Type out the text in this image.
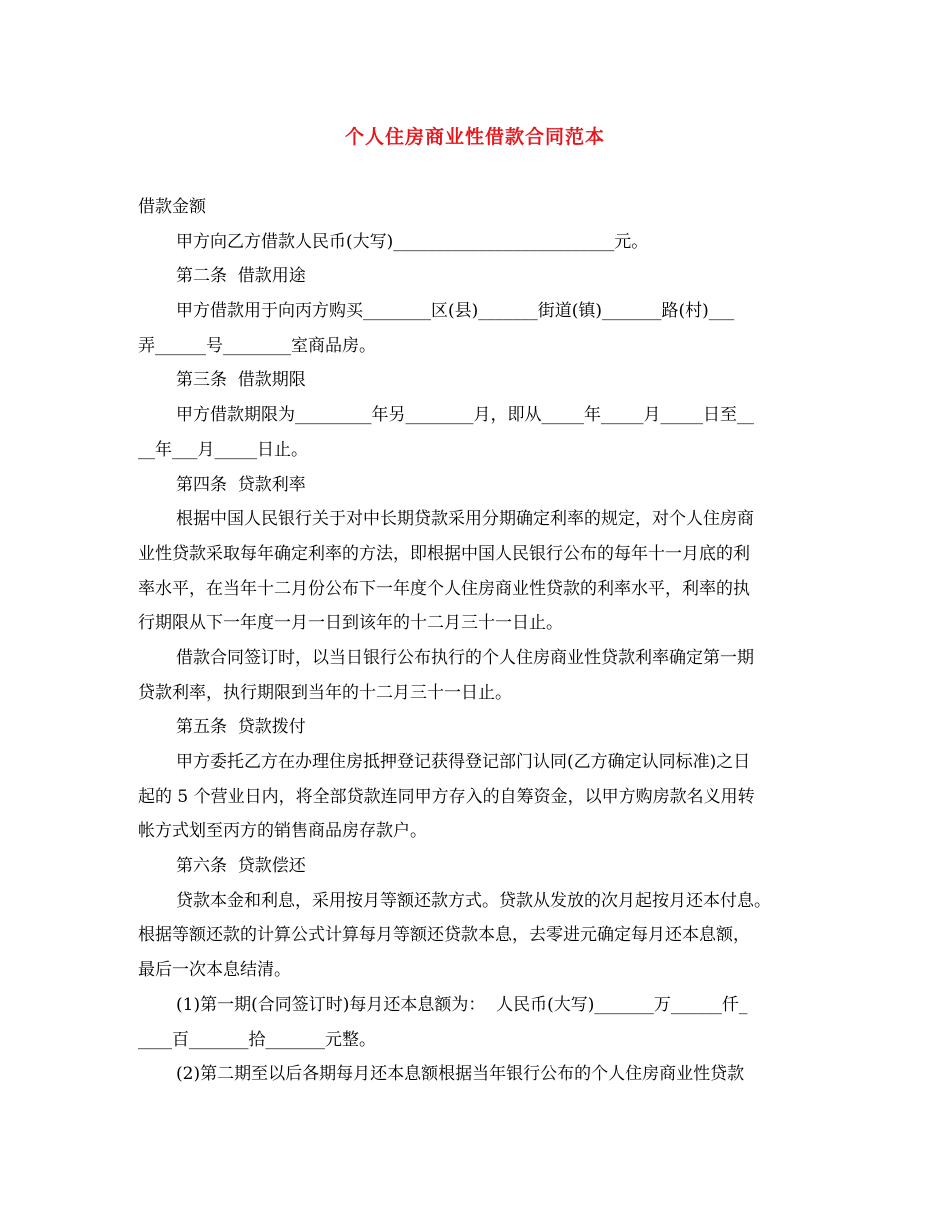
个人住房商业性借款合同范本
借款金额
甲方向乙方借款人民币(大写)__________________________元。
第二条  借款用途
甲方借款用于向丙方购买________区(县)_______街道(镇)_______路(村)___
弄______号________室商品房。
第三条  借款期限
甲方借款期限为_________年另________月，即从_____年_____月_____日至__
__年___月_____日止。
第四条  贷款利率
根据中国人民银行关于对中长期贷款采用分期确定利率的规定，对个人住房商
业性贷款采取每年确定利率的方法，即根据中国人民银行公布的每年十一月底的利
率水平，在当年十二月份公布下一年度个人住房商业性贷款的利率水平，利率的执
行期限从下一年度一月一日到该年的十二月三十一日止。
借款合同签订时，以当日银行公布执行的个人住房商业性贷款利率确定第一期
贷款利率，执行期限到当年的十二月三十一日止。
第五条  贷款拨付
甲方委托乙方在办理住房抵押登记获得登记部门认同(乙方确定认同标准)之日
起的 5 个营业日内，将全部贷款连同甲方存入的自筹资金，以甲方购房款名义用转
帐方式划至丙方的销售商品房存款户。
第六条  贷款偿还
贷款本金和利息，采用按月等额还款方式。贷款从发放的次月起按月还本付息。
根据等额还款的计算公式计算每月等额还贷款本息，去零进元确定每月还本息额，
最后一次本息结清。
(1)第一期(合同签订时)每月还本息额为：  人民币(大写)_______万______仟_
____百_______拾_______元整。
(2)第二期至以后各期每月还本息额根据当年银行公布的个人住房商业性贷款
